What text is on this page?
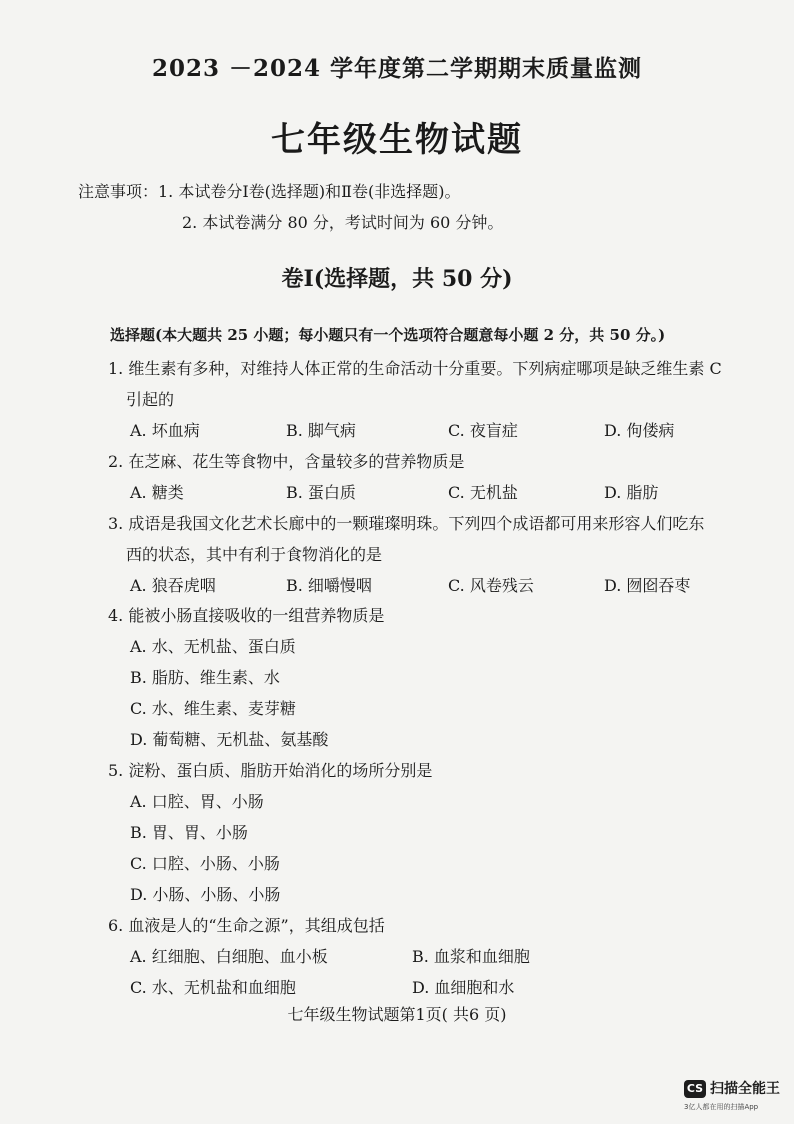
2023 －2024 学年度第二学期期末质量监测
七年级生物试题
注意事项：1. 本试卷分Ⅰ卷(选择题)和Ⅱ卷(非选择题)。
2. 本试卷满分 80 分，考试时间为 60 分钟。
卷Ⅰ(选择题，共 50 分)
选择题(本大题共 25 小题；每小题只有一个选项符合题意每小题 2 分，共 50 分。)
1. 维生素有多种，对维持人体正常的生命活动十分重要。下列病症哪项是缺乏维生素 C
引起的
A. 坏血病	B. 脚气病	C. 夜盲症	D. 佝偻病
2. 在芝麻、花生等食物中，含量较多的营养物质是
A. 糖类	B. 蛋白质	C. 无机盐	D. 脂肪
3. 成语是我国文化艺术长廊中的一颗璀璨明珠。下列四个成语都可用来形容人们吃东
西的状态，其中有利于食物消化的是
A. 狼吞虎咽	B. 细嚼慢咽	C. 风卷残云	D. 囫囵吞枣
4. 能被小肠直接吸收的一组营养物质是
A. 水、无机盐、蛋白质
B. 脂肪、维生素、水
C. 水、维生素、麦芽糖
D. 葡萄糖、无机盐、氨基酸
5. 淀粉、蛋白质、脂肪开始消化的场所分别是
A. 口腔、胃、小肠
B. 胃、胃、小肠
C. 口腔、小肠、小肠
D. 小肠、小肠、小肠
6. 血液是人的“生命之源”，其组成包括
A. 红细胞、白细胞、血小板	B. 血浆和血细胞
C. 水、无机盐和血细胞	D. 血细胞和水
七年级生物试题第1页( 共6 页)
CS 扫描全能王
3亿人都在用的扫描App
